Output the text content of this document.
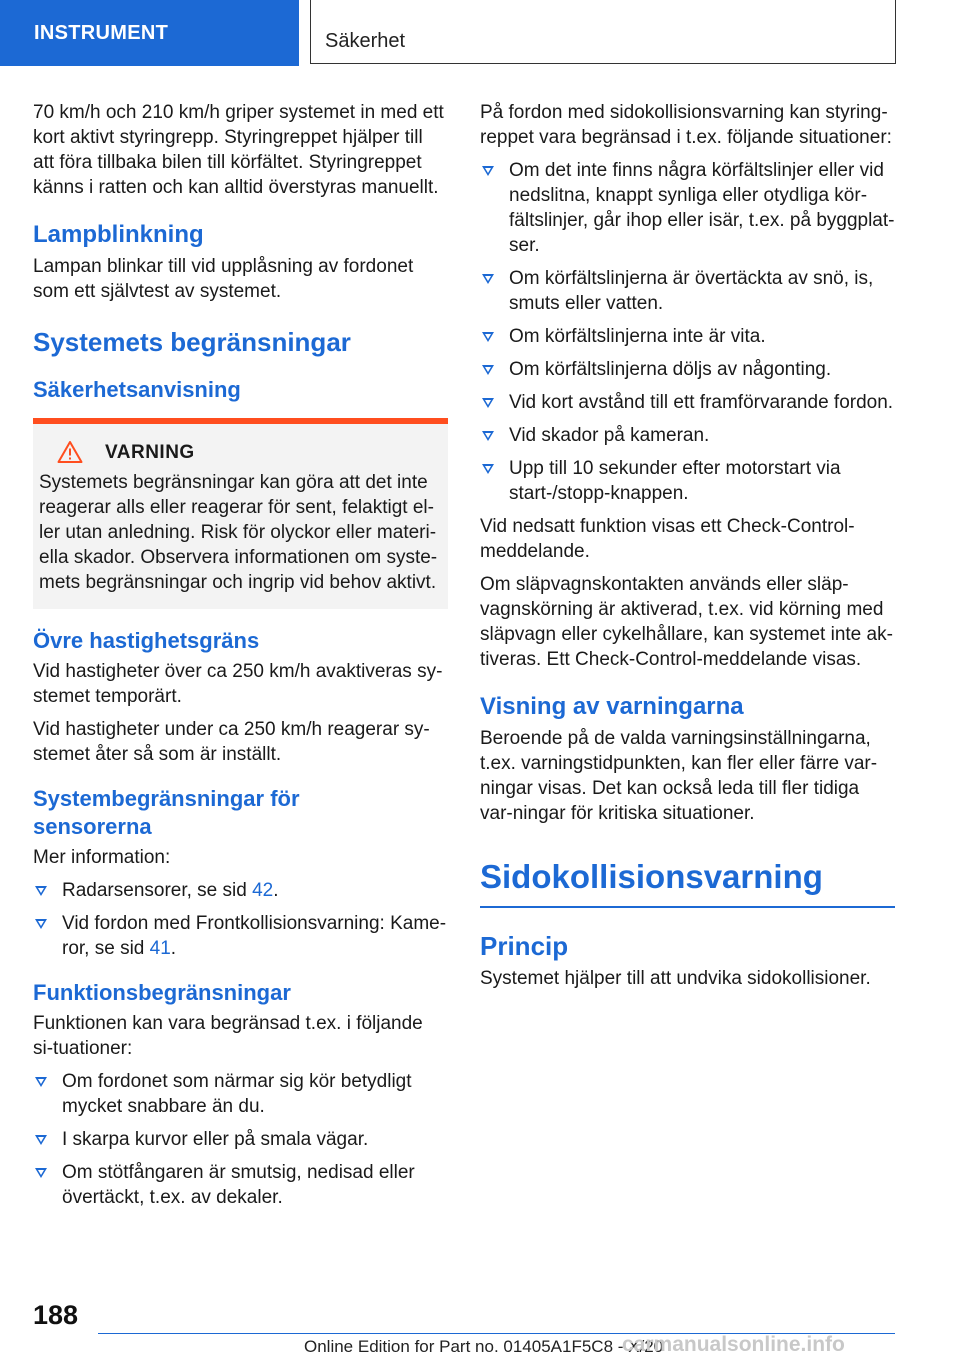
INSTRUMENT	Säkerhet

70 km/h och 210 km/h griper systemet in med ett kort aktivt styringrepp. Styringreppet hjälper till att föra tillbaka bilen till körfältet. Styringreppet känns i ratten och kan alltid överstyras manuellt.

Lampblinkning

Lampan blinkar till vid upplåsning av fordonet som ett självtest av systemet.

Systemets begränsningar
Säkerhetsanvisning
VARNING

Systemets begränsningar kan göra att det inte reagerar alls eller reagerar för sent, felaktigt el-ler utan anledning. Risk för olyckor eller materi-ella skador. Observera informationen om syste-mets begränsningar och ingrip vid behov aktivt.

Övre hastighetsgräns

Vid hastigheter över ca 250 km/h avaktiveras sy-stemet temporärt.

Vid hastigheter under ca 250 km/h reagerar sy-stemet åter så som är inställt.

Systembegränsningar för
sensorerna

Mer information:

Radarsensorer, se sid 42.
Vid fordon med Frontkollisionsvarning: Kame-ror, se sid 41.
Funktionsbegränsningar

Funktionen kan vara begränsad t.ex. i följande si-tuationer:

Om fordonet som närmar sig kör betydligt mycket snabbare än du.
I skarpa kurvor eller på smala vägar.
Om stötfångaren är smutsig, nedisad eller övertäckt, t.ex. av dekaler.

På fordon med sidokollisionsvarning kan styring-reppet vara begränsad i t.ex. följande situationer:

Om det inte finns några körfältslinjer eller vid nedslitna, knappt synliga eller otydliga kör-fältslinjer, går ihop eller isär, t.ex. på byggplat-ser.
Om körfältslinjerna är övertäckta av snö, is, smuts eller vatten.
Om körfältslinjerna inte är vita.
Om körfältslinjerna döljs av någonting.
Vid kort avstånd till ett framförvarande fordon.
Vid skador på kameran.
Upp till 10 sekunder efter motorstart via start-/stopp-knappen.

Vid nedsatt funktion visas ett Check-Control-meddelande.

Om släpvagnskontakten används eller släp-vagnskörning är aktiverad, t.ex. vid körning med släpvagn eller cykelhållare, kan systemet inte ak-tiveras. Ett Check-Control-meddelande visas.

Visning av varningarna

Beroende på de valda varningsinställningarna, t.ex. varningstidpunkten, kan fler eller färre var-ningar visas. Det kan också leda till fler tidiga var-ningar för kritiska situationer.

Sidokollisionsvarning
Princip

Systemet hjälper till att undvika sidokollisioner.

188
Online Edition for Part no. 01405A1F5C8 - X/20
carmanualsonline.info
